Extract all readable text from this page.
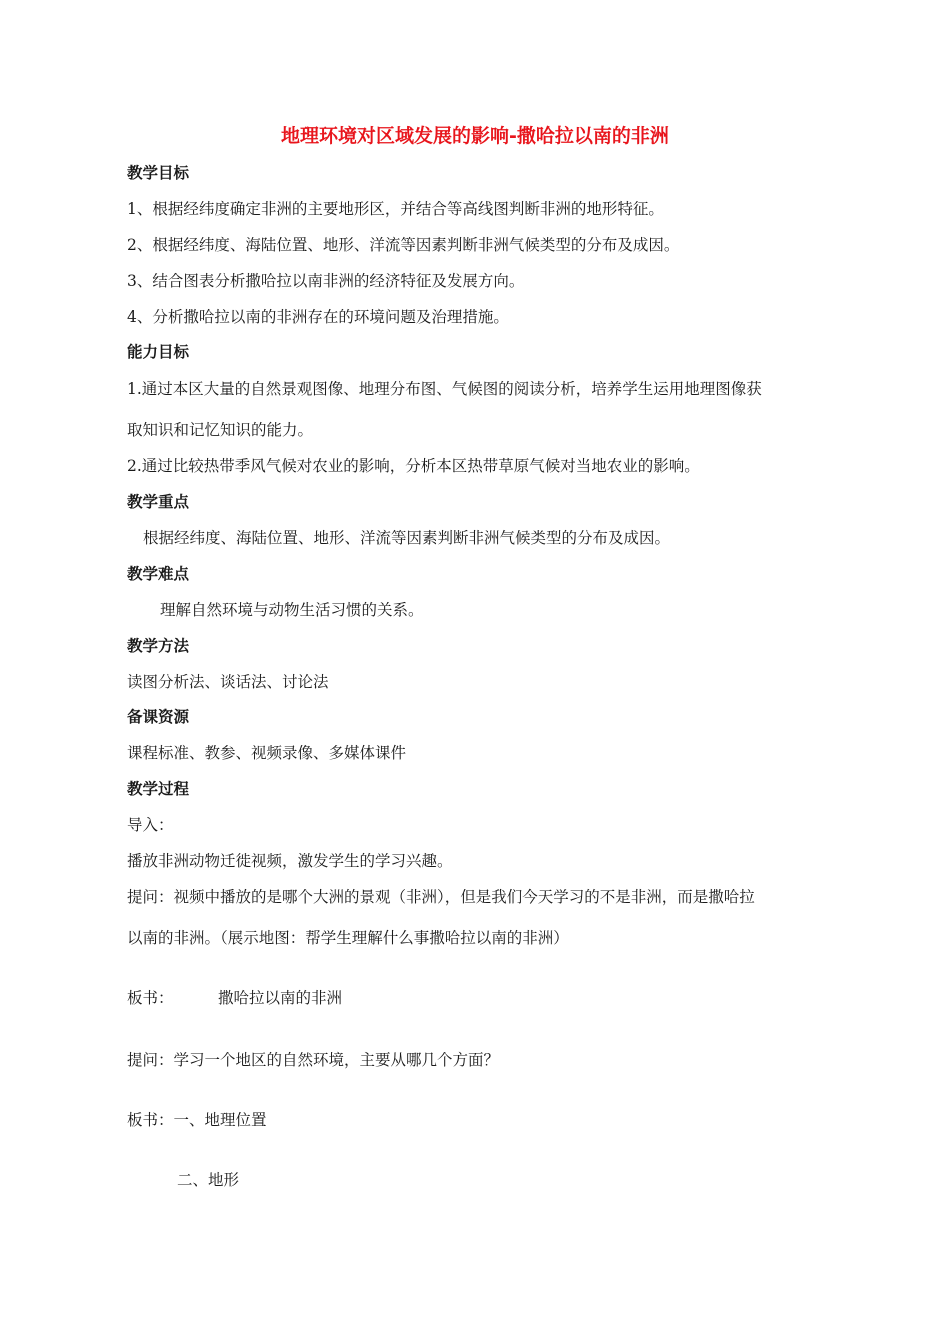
地理环境对区域发展的影响-撒哈拉以南的非洲
教学目标
1、根据经纬度确定非洲的主要地形区，并结合等高线图判断非洲的地形特征。
2、根据经纬度、海陆位置、地形、洋流等因素判断非洲气候类型的分布及成因。
3、结合图表分析撒哈拉以南非洲的经济特征及发展方向。
4、分析撒哈拉以南的非洲存在的环境问题及治理措施。
能力目标
1.通过本区大量的自然景观图像、地理分布图、气候图的阅读分析，培养学生运用地理图像获
取知识和记忆知识的能力。
2.通过比较热带季风气候对农业的影响，分析本区热带草原气候对当地农业的影响。
教学重点
根据经纬度、海陆位置、地形、洋流等因素判断非洲气候类型的分布及成因。
教学难点
理解自然环境与动物生活习惯的关系。
教学方法
读图分析法、谈话法、讨论法
备课资源
课程标准、教参、视频录像、多媒体课件
教学过程
导入：
播放非洲动物迁徙视频，激发学生的学习兴趣。
提问：视频中播放的是哪个大洲的景观（非洲），但是我们今天学习的不是非洲，而是撒哈拉
以南的非洲。（展示地图：帮学生理解什么事撒哈拉以南的非洲）
板书：	撒哈拉以南的非洲
提问：学习一个地区的自然环境，主要从哪几个方面？
板书：一、地理位置
二、地形
